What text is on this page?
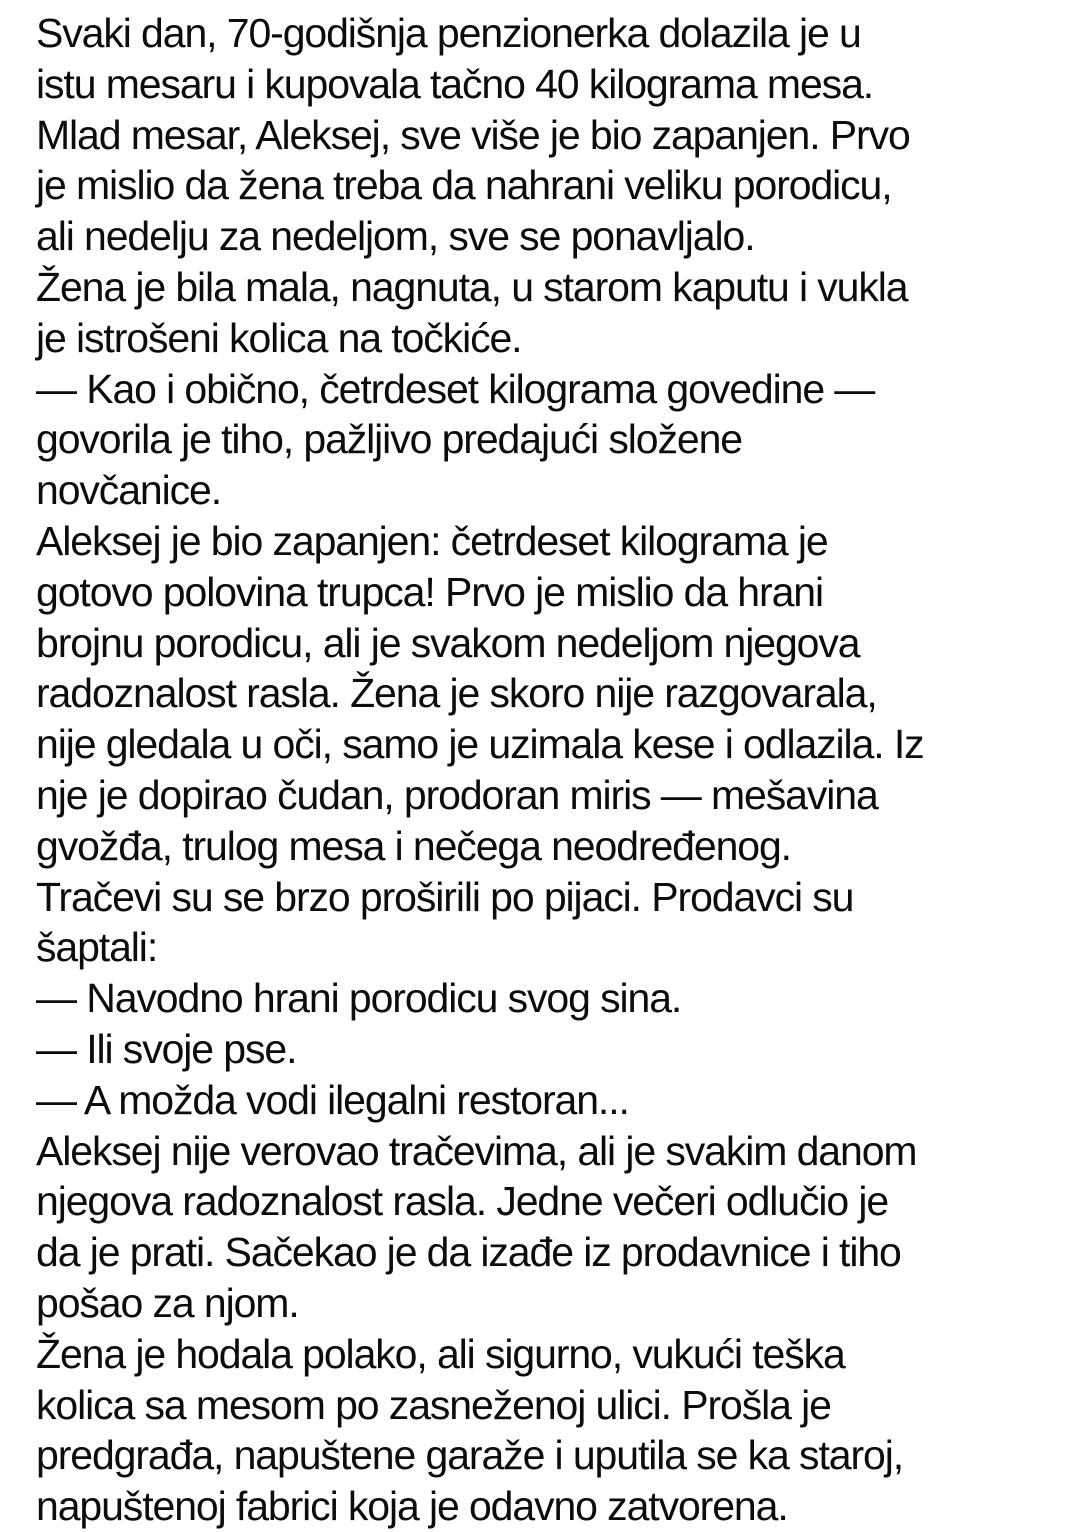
Svaki dan, 70-godišnja penzionerka dolazila je u
istu mesaru i kupovala tačno 40 kilograma mesa.
Mlad mesar, Aleksej, sve više je bio zapanjen. Prvo
je mislio da žena treba da nahrani veliku porodicu,
ali nedelju za nedeljom, sve se ponavljalo.
Žena je bila mala, nagnuta, u starom kaputu i vukla
je istrošeni kolica na točkiće.
— Kao i obično, četrdeset kilograma govedine —
govorila je tiho, pažljivo predajući složene
novčanice.
Aleksej je bio zapanjen: četrdeset kilograma je
gotovo polovina trupca! Prvo je mislio da hrani
brojnu porodicu, ali je svakom nedeljom njegova
radoznalost rasla. Žena je skoro nije razgovarala,
nije gledala u oči, samo je uzimala kese i odlazila. Iz
nje je dopirao čudan, prodoran miris — mešavina
gvožđa, trulog mesa i nečega neodređenog.
Tračevi su se brzo proširili po pijaci. Prodavci su
šaptali:
— Navodno hrani porodicu svog sina.
— Ili svoje pse.
— A možda vodi ilegalni restoran...
Aleksej nije verovao tračevima, ali je svakim danom
njegova radoznalost rasla. Jedne večeri odlučio je
da je prati. Sačekao je da izađe iz prodavnice i tiho
pošao za njom.
Žena je hodala polako, ali sigurno, vukući teška
kolica sa mesom po zasneženoj ulici. Prošla je
predgrađa, napuštene garaže i uputila se ka staroj,
napuštenoj fabrici koja je odavno zatvorena.
